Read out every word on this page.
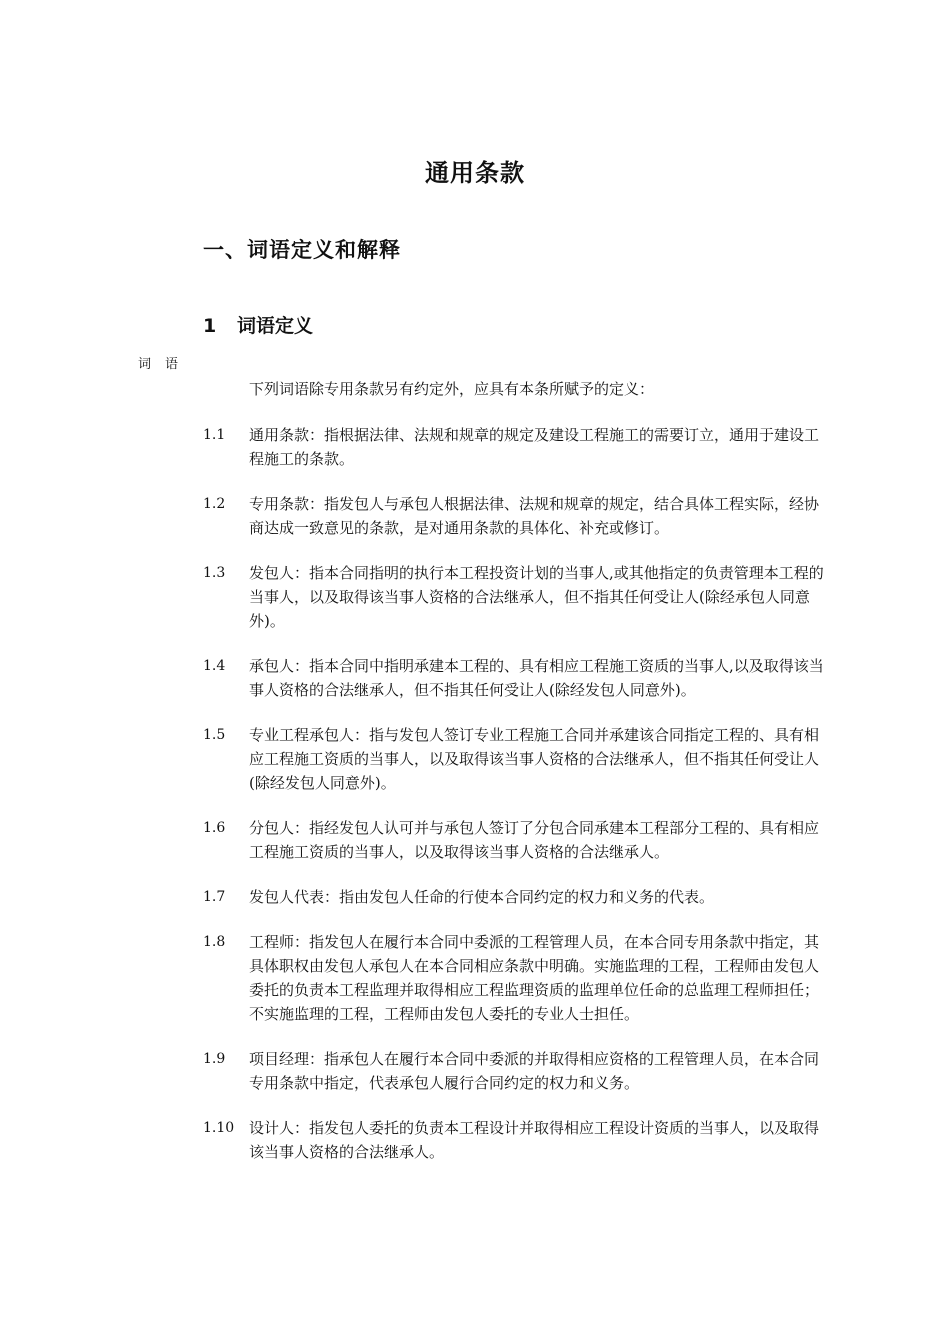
通用条款
一、词语定义和解释
1 词语定义
词语
下列词语除专用条款另有约定外，应具有本条所赋予的定义：
1.1	通用条款：指根据法律、法规和规章的规定及建设工程施工的需要订立，通用于建设工程施工的条款。
1.2	专用条款：指发包人与承包人根据法律、法规和规章的规定，结合具体工程实际，经协商达成一致意见的条款，是对通用条款的具体化、补充或修订。
1.3	发包人：指本合同指明的执行本工程投资计划的当事人,或其他指定的负责管理本工程的当事人，以及取得该当事人资格的合法继承人，但不指其任何受让人(除经承包人同意外)。
1.4	承包人：指本合同中指明承建本工程的、具有相应工程施工资质的当事人,以及取得该当事人资格的合法继承人，但不指其任何受让人(除经发包人同意外)。
1.5	专业工程承包人：指与发包人签订专业工程施工合同并承建该合同指定工程的、具有相应工程施工资质的当事人，以及取得该当事人资格的合法继承人，但不指其任何受让人(除经发包人同意外)。
1.6	分包人：指经发包人认可并与承包人签订了分包合同承建本工程部分工程的、具有相应工程施工资质的当事人，以及取得该当事人资格的合法继承人。
1.7	发包人代表：指由发包人任命的行使本合同约定的权力和义务的代表。
1.8	工程师：指发包人在履行本合同中委派的工程管理人员，在本合同专用条款中指定，其具体职权由发包人承包人在本合同相应条款中明确。实施监理的工程，工程师由发包人委托的负责本工程监理并取得相应工程监理资质的监理单位任命的总监理工程师担任；不实施监理的工程，工程师由发包人委托的专业人士担任。
1.9	项目经理：指承包人在履行本合同中委派的并取得相应资格的工程管理人员，在本合同专用条款中指定，代表承包人履行合同约定的权力和义务。
1.10 设计人：指发包人委托的负责本工程设计并取得相应工程设计资质的当事人，以及取得该当事人资格的合法继承人。
